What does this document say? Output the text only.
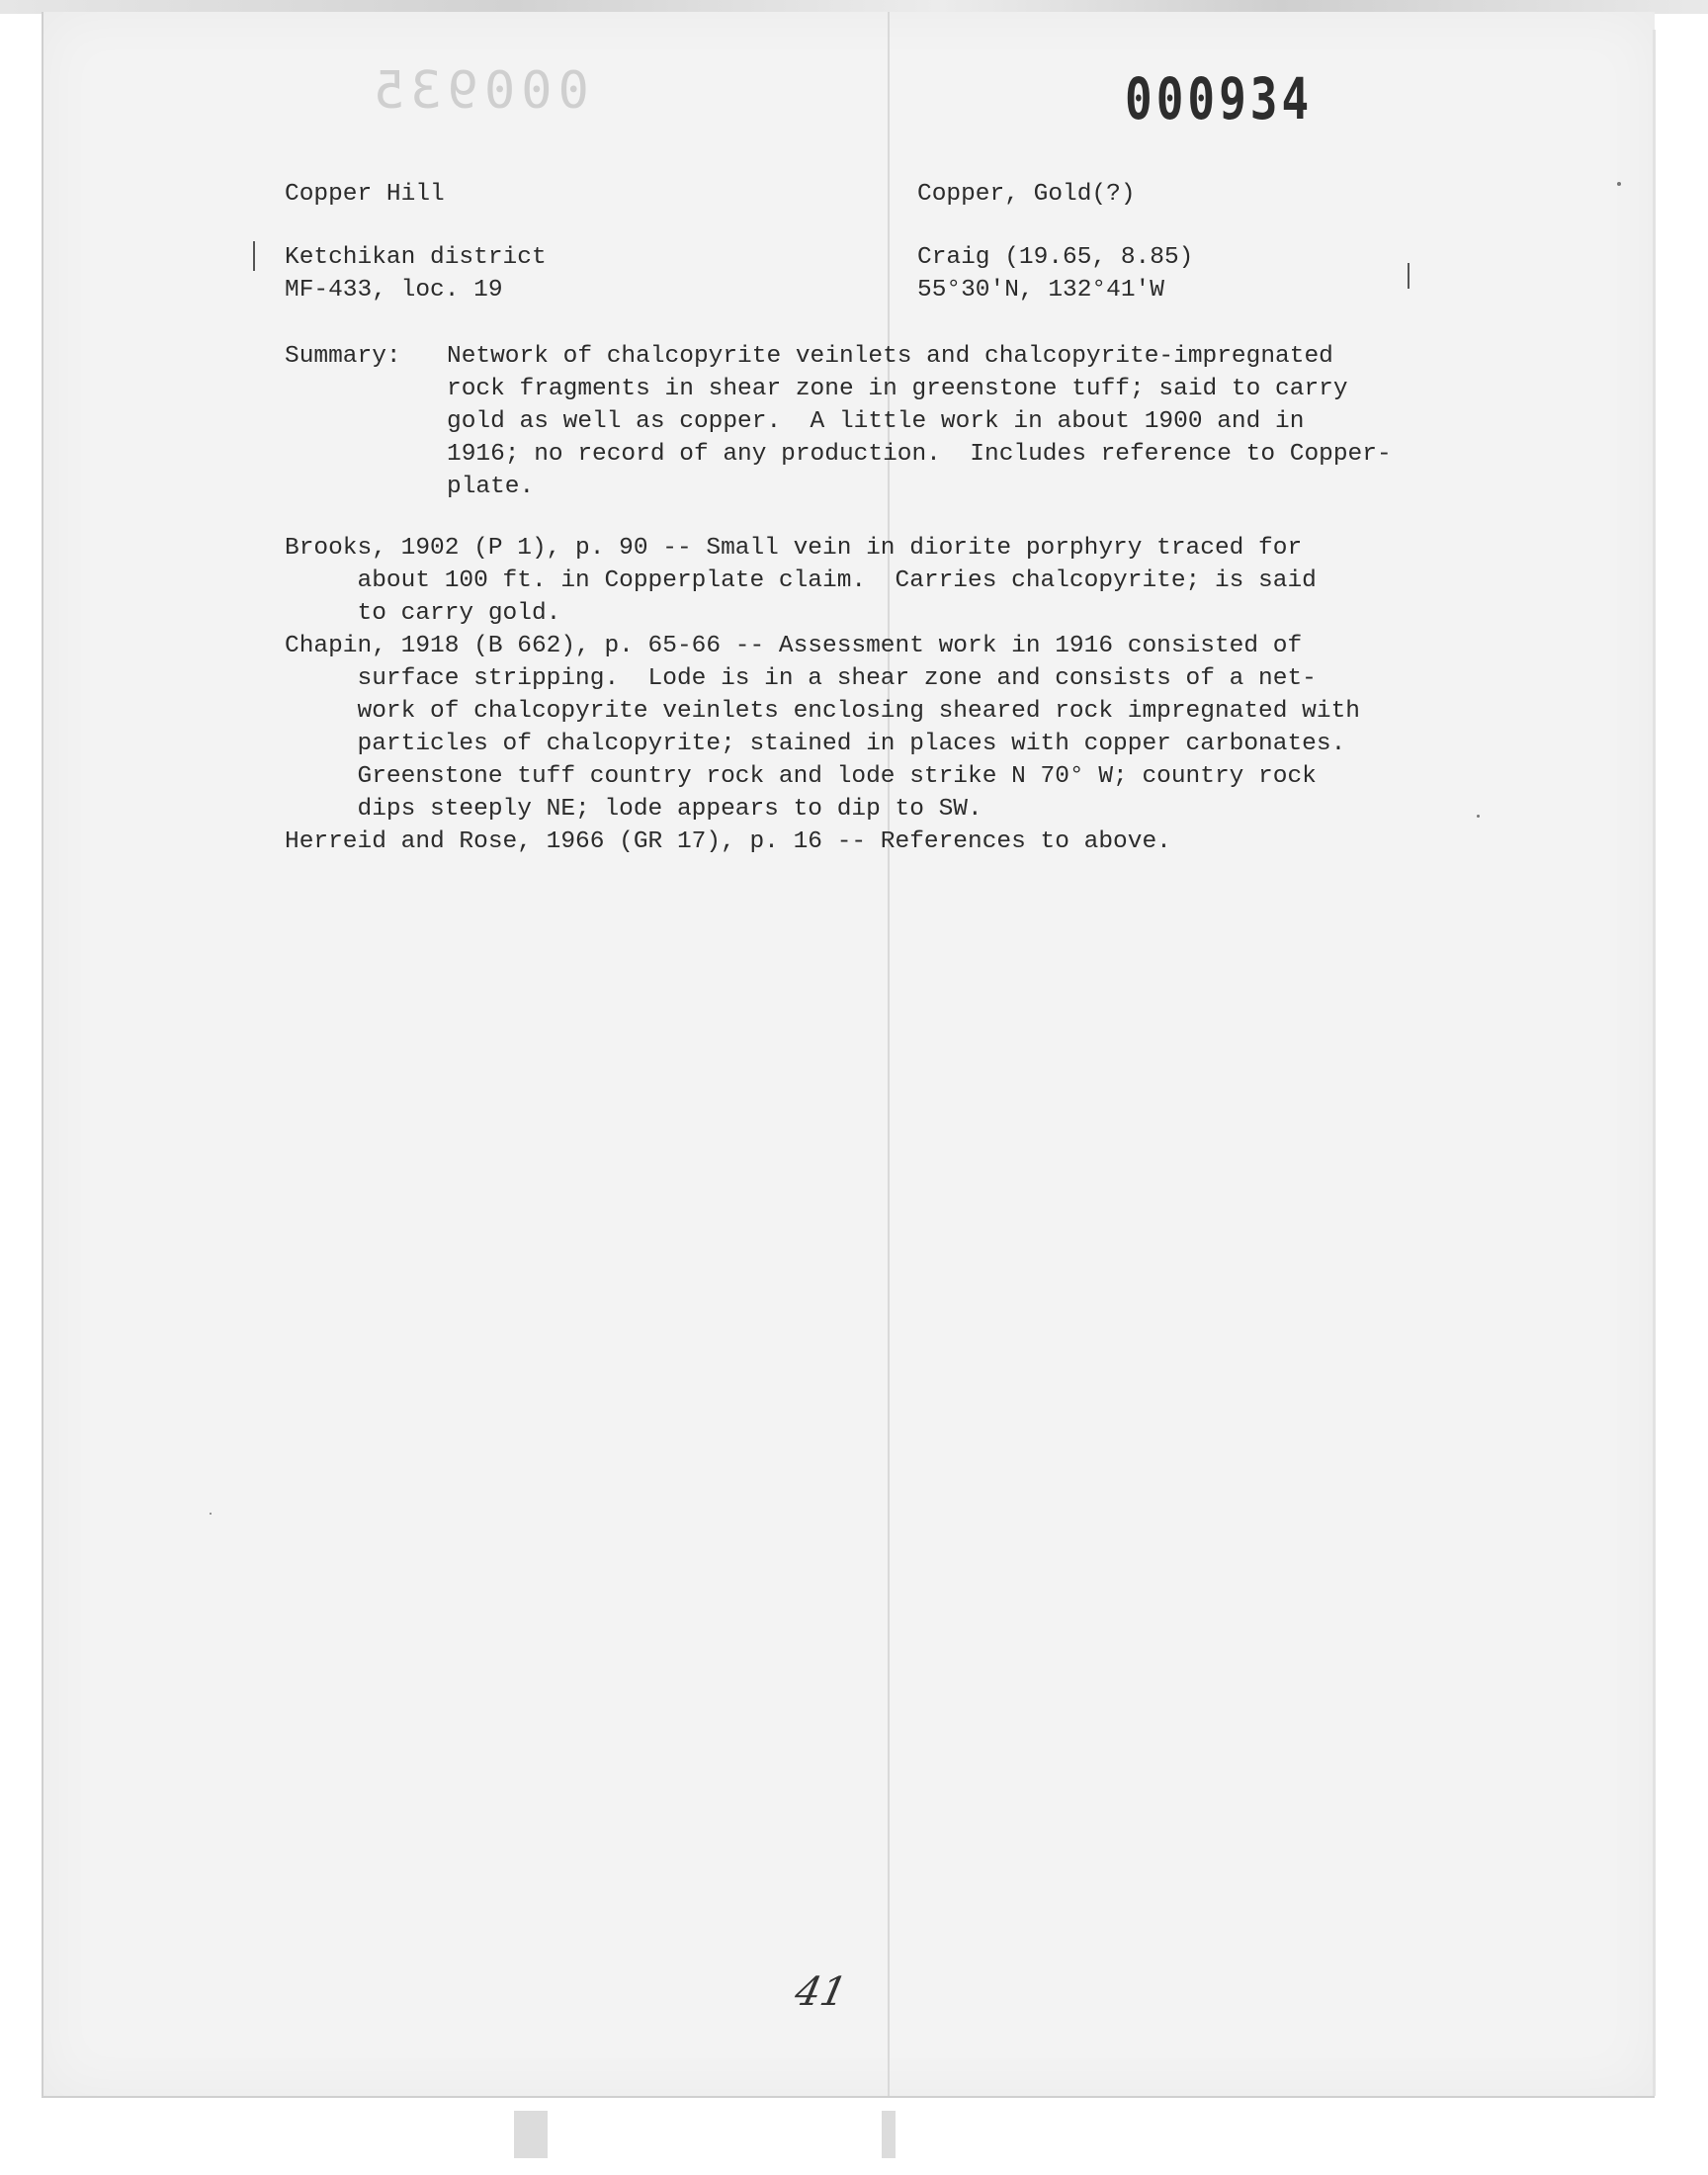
000935	000934
Copper Hill	Copper, Gold(?)
Ketchikan district
MF-433, loc. 19
Craig (19.65, 8.85)
55°30'N, 132°41'W
Summary: Network of chalcopyrite veinlets and chalcopyrite-impregnated
rock fragments in shear zone in greenstone tuff; said to carry
gold as well as copper.  A little work in about 1900 and in
1916; no record of any production.  Includes reference to Copper-
plate.
Brooks, 1902 (P 1), p. 90 -- Small vein in diorite porphyry traced for
about 100 ft. in Copperplate claim.  Carries chalcopyrite; is said
to carry gold.
Chapin, 1918 (B 662), p. 65-66 -- Assessment work in 1916 consisted of
surface stripping.  Lode is in a shear zone and consists of a net-
work of chalcopyrite veinlets enclosing sheared rock impregnated with
particles of chalcopyrite; stained in places with copper carbonates.
Greenstone tuff country rock and lode strike N 70° W; country rock
dips steeply NE; lode appears to dip to SW.
Herreid and Rose, 1966 (GR 17), p. 16 -- References to above.
41
